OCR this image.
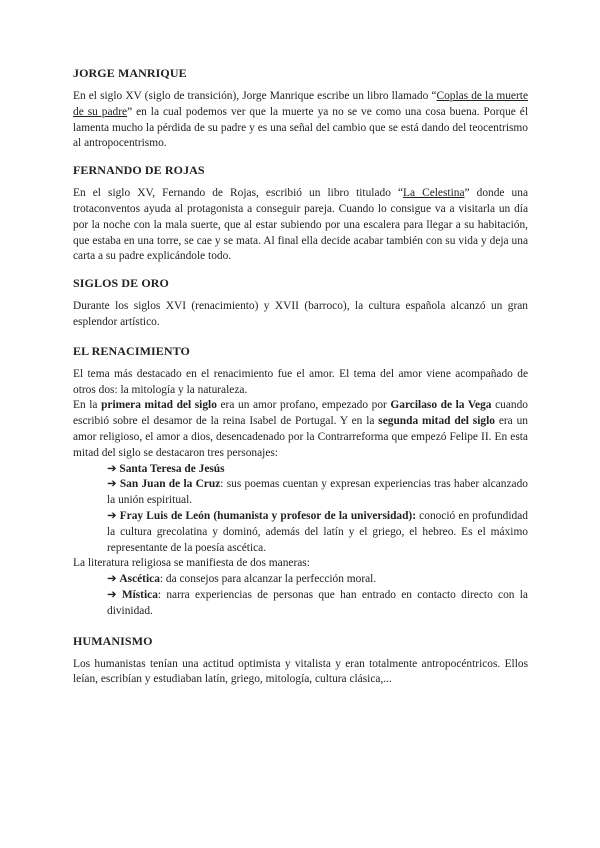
JORGE MANRIQUE

En el siglo XV (siglo de transición), Jorge Manrique escribe un libro llamado “Coplas de la muerte de su padre” en la cual podemos ver que la muerte ya no se ve como una cosa buena. Porque él lamenta mucho la pérdida de su padre y es una señal del cambio que se está dando del teocentrismo al antropocentrismo.

FERNANDO DE ROJAS

En el siglo XV, Fernando de Rojas, escribió un libro titulado “La Celestina” donde una trotaconventos ayuda al protagonista a conseguir pareja. Cuando lo consigue va a visitarla un día por la noche con la mala suerte, que al estar subiendo por una escalera para llegar a su habitación, que estaba en una torre, se cae y se mata. Al final ella decide acabar también con su vida y deja una carta a su padre explicándole todo.

SIGLOS DE ORO

Durante los siglos XVI (renacimiento) y XVII (barroco), la cultura española alcanzó un gran esplendor artístico.

EL RENACIMIENTO

El tema más destacado en el renacimiento fue el amor. El tema del amor viene acompañado de otros dos: la mitología y la naturaleza.

En la primera mitad del siglo era un amor profano, empezado por Garcilaso de la Vega cuando escribió sobre el desamor de la reina Isabel de Portugal. Y en la segunda mitad del siglo era un amor religioso, el amor a dios, desencadenado por la Contrarreforma que empezó Felipe II. En esta mitad del siglo se destacaron tres personajes:

➔ Santa Teresa de Jesús

➔ San Juan de la Cruz: sus poemas cuentan y expresan experiencias tras haber alcanzado la unión espiritual.

➔ Fray Luis de León (humanista y profesor de la universidad): conoció en profundidad la cultura grecolatina y dominó, además del latín y el griego, el hebreo. Es el máximo representante de la poesía ascética.

La literatura religiosa se manifiesta de dos maneras:

➔ Ascética: da consejos para alcanzar la perfección moral.

➔ Mística: narra experiencias de personas que han entrado en contacto directo con la divinidad.

HUMANISMO

Los humanistas tenían una actitud optimista y vitalista y eran totalmente antropocéntricos. Ellos leían, escribían y estudiaban latín, griego, mitología, cultura clásica,...
